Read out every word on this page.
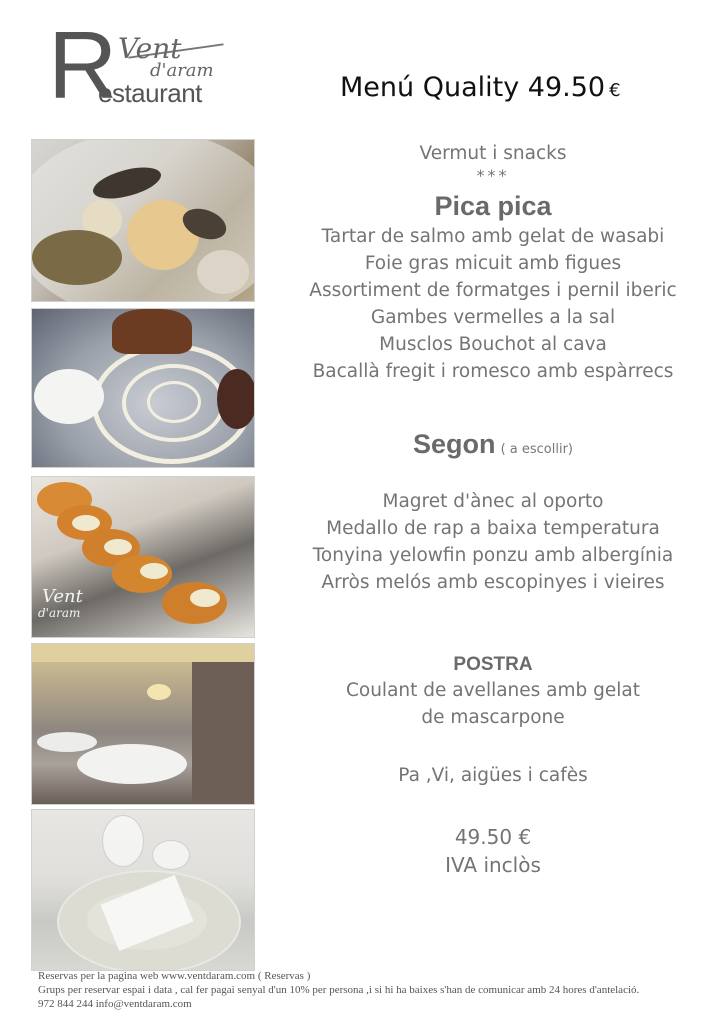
R Vent
d'aram
estaurant	Menú Quality 49.50 €
Vent
d'aram
Vermut i snacks
***
Pica pica
Tartar de salmo amb gelat de wasabi
Foie gras micuit amb figues
Assortiment de formatges i pernil iberic
Gambes vermelles a la sal
Musclos Bouchot al cava
Bacallà fregit i romesco amb espàrrecs
Segon ( a escollir)
Magret d'ànec al oporto
Medallo de rap a baixa temperatura
Tonyina yelowfin ponzu amb albergínia
Arròs melós amb escopinyes i vieires
POSTRA
Coulant de avellanes amb gelat
de mascarpone
Pa ,Vi, aigües i cafès
49.50 €
IVA inclòs
Reservas per la pagina web www.ventdaram.com ( Reservas )
Grups per reservar espai i data , cal fer pagai senyal d'un 10% per persona ,i si hi ha baixes s'han de comunicar amb 24 hores d'antelació.
972 844 244 info@ventdaram.com
